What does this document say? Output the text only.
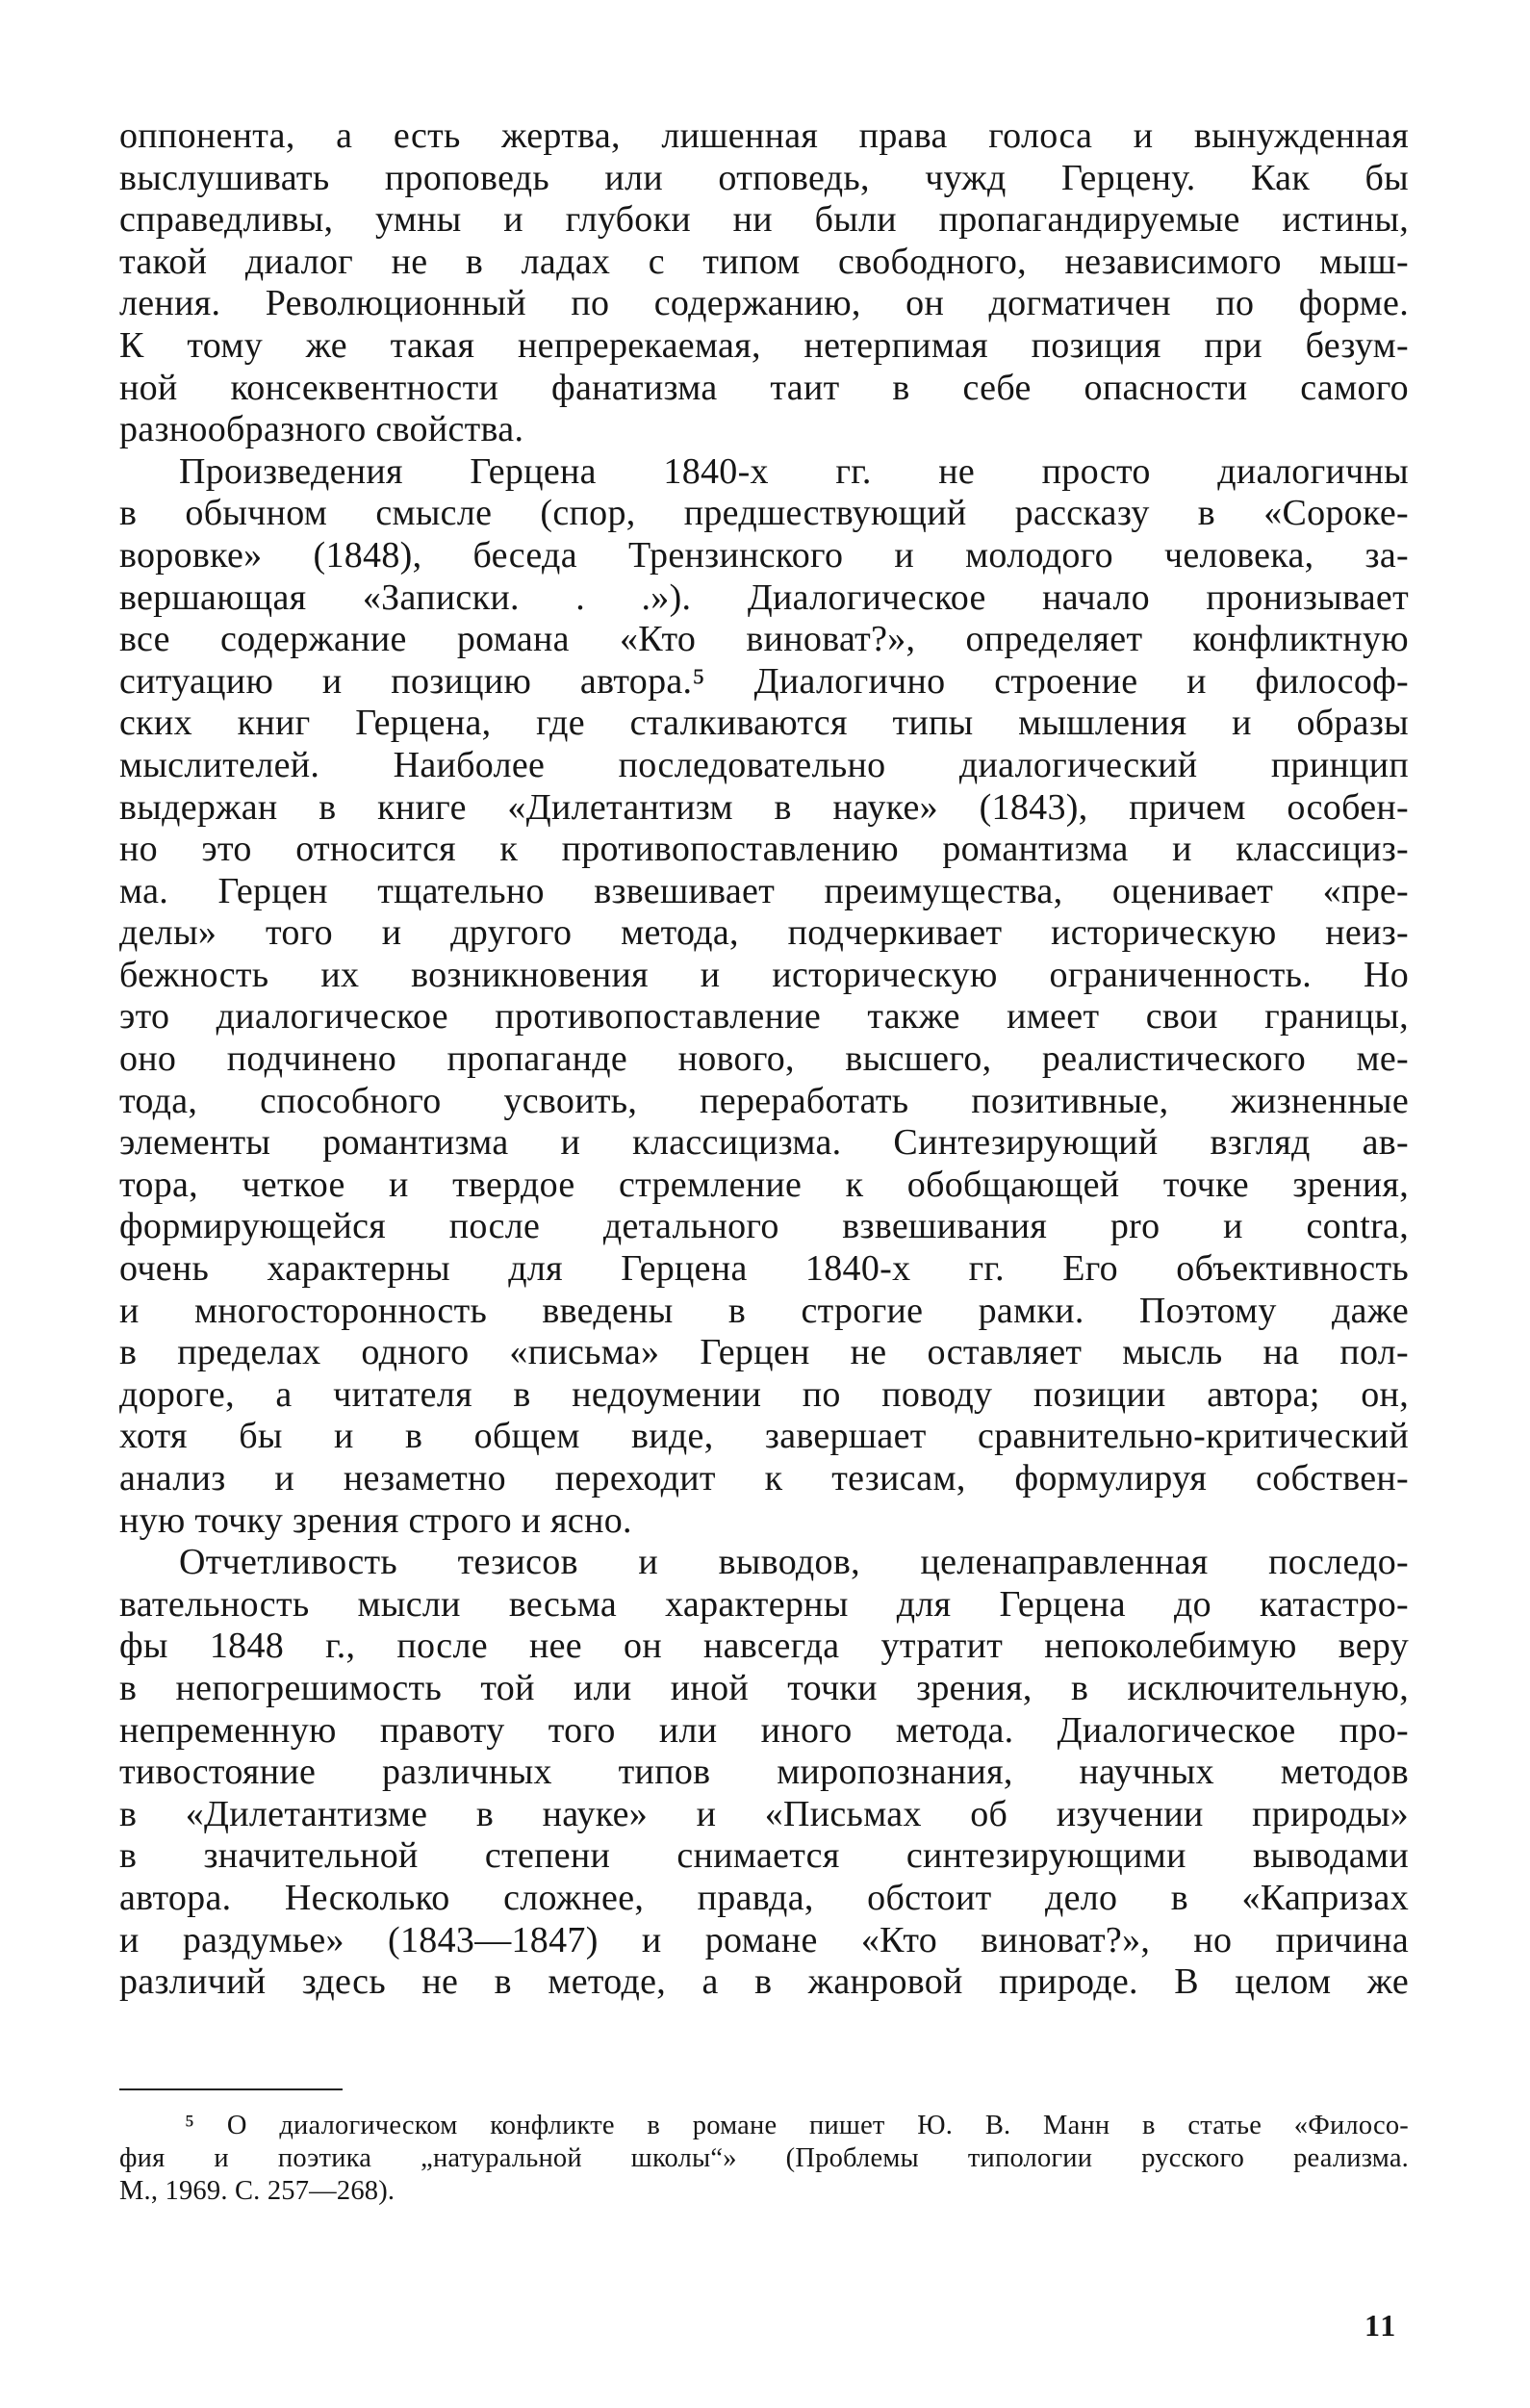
оппонента, а есть жертва, лишенная права голоса и вынужденная
выслушивать проповедь или отповедь, чужд Герцену. Как бы
справедливы, умны и глубоки ни были пропагандируемые истины,
такой диалог не в ладах с типом свободного, независимого мыш-
ления. Революционный по содержанию, он догматичен по форме.
К тому же такая непререкаемая, нетерпимая позиция при безум-
ной консеквентности фанатизма таит в себе опасности самого
разнообразного свойства.
Произведения Герцена 1840-х гг. не просто диалогичны
в обычном смысле (спор, предшествующий рассказу в «Сороке-
воровке» (1848), беседа Трензинского и молодого человека, за-
вершающая «Записки. . .»). Диалогическое начало пронизывает
все содержание романа «Кто виноват?», определяет конфликтную
ситуацию и позицию автора.⁵ Диалогично строение и философ-
ских книг Герцена, где сталкиваются типы мышления и образы
мыслителей. Наиболее последовательно диалогический принцип
выдержан в книге «Дилетантизм в науке» (1843), причем особен-
но это относится к противопоставлению романтизма и классициз-
ма. Герцен тщательно взвешивает преимущества, оценивает «пре-
делы» того и другого метода, подчеркивает историческую неиз-
бежность их возникновения и историческую ограниченность. Но
это диалогическое противопоставление также имеет свои границы,
оно подчинено пропаганде нового, высшего, реалистического ме-
тода, способного усвоить, переработать позитивные, жизненные
элементы романтизма и классицизма. Синтезирующий взгляд ав-
тора, четкое и твердое стремление к обобщающей точке зрения,
формирующейся после детального взвешивания pro и contra,
очень характерны для Герцена 1840-х гг. Его объективность
и многосторонность введены в строгие рамки. Поэтому даже
в пределах одного «письма» Герцен не оставляет мысль на пол-
дороге, а читателя в недоумении по поводу позиции автора; он,
хотя бы и в общем виде, завершает сравнительно-критический
анализ и незаметно переходит к тезисам, формулируя собствен-
ную точку зрения строго и ясно.
Отчетливость тезисов и выводов, целенаправленная последо-
вательность мысли весьма характерны для Герцена до катастро-
фы 1848 г., после нее он навсегда утратит непоколебимую веру
в непогрешимость той или иной точки зрения, в исключительную,
непременную правоту того или иного метода. Диалогическое про-
тивостояние различных типов миропознания, научных методов
в «Дилетантизме в науке» и «Письмах об изучении природы»
в значительной степени снимается синтезирующими выводами
автора. Несколько сложнее, правда, обстоит дело в «Капризах
и раздумье» (1843—1847) и романе «Кто виноват?», но причина
различий здесь не в методе, а в жанровой природе. В целом же
⁵ О диалогическом конфликте в романе пишет Ю. В. Манн в статье «Филосо-
фия и поэтика „натуральной школы“» (Проблемы типологии русского реализма.
М., 1969. С. 257—268).
11
